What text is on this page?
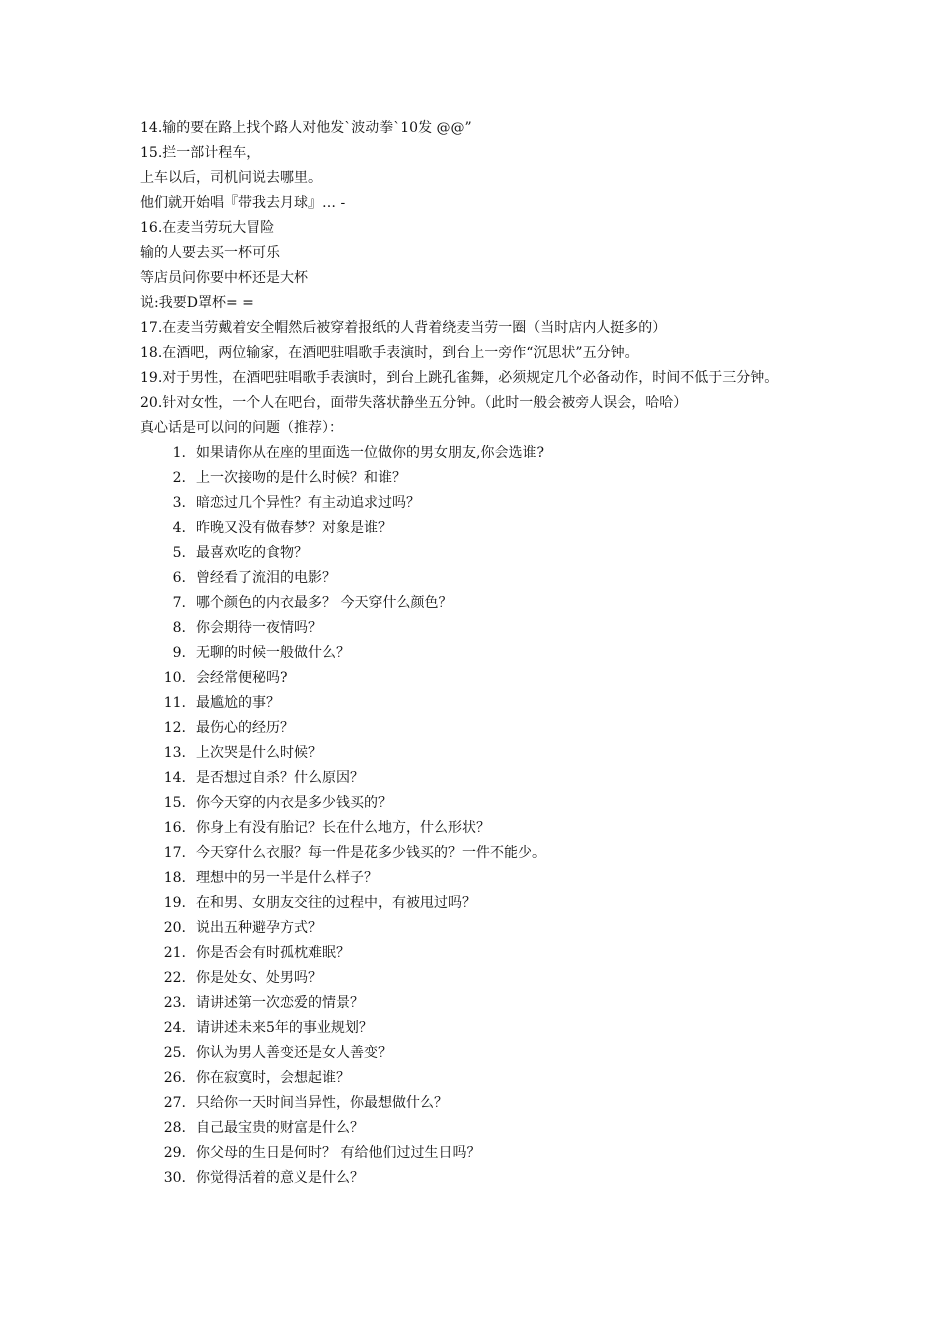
14.输的要在路上找个路人对他发`波动拳`10发 @@”
15.拦一部计程车，
上车以后，司机问说去哪里。
他们就开始唱『带我去月球』… -
16.在麦当劳玩大冒险
输的人要去买一杯可乐
等店员问你要中杯还是大杯
说:我要D罩杯= =
17.在麦当劳戴着安全帽然后被穿着报纸的人背着绕麦当劳一圈（当时店内人挺多的）
18.在酒吧，两位输家，在酒吧驻唱歌手表演时，到台上一旁作“沉思状”五分钟。
19.对于男性，在酒吧驻唱歌手表演时，到台上跳孔雀舞，必须规定几个必备动作，时间不低于三分钟。
20.针对女性，一个人在吧台，面带失落状静坐五分钟。（此时一般会被旁人误会，哈哈）
真心话是可以问的问题（推荐）：
1. 如果请你从在座的里面选一位做你的男女朋友,你会选谁?
2. 上一次接吻的是什么时候？和谁？
3. 暗恋过几个异性？有主动追求过吗？
4. 昨晚又没有做春梦？对象是谁？
5. 最喜欢吃的食物？
6. 曾经看了流泪的电影？
7. 哪个颜色的内衣最多？ 今天穿什么颜色？
8. 你会期待一夜情吗？
9. 无聊的时候一般做什么？
10. 会经常便秘吗?
11. 最尴尬的事？
12. 最伤心的经历？
13. 上次哭是什么时候？
14. 是否想过自杀？什么原因？
15. 你今天穿的内衣是多少钱买的？
16. 你身上有没有胎记？长在什么地方，什么形状？
17. 今天穿什么衣服？每一件是花多少钱买的？一件不能少。
18. 理想中的另一半是什么样子？
19. 在和男、女朋友交往的过程中，有被甩过吗？
20. 说出五种避孕方式？
21. 你是否会有时孤枕难眠？
22. 你是处女、处男吗？
23. 请讲述第一次恋爱的情景？
24. 请讲述未来5年的事业规划？
25. 你认为男人善变还是女人善变？
26. 你在寂寞时，会想起谁？
27. 只给你一天时间当异性，你最想做什么？
28. 自己最宝贵的财富是什么？
29. 你父母的生日是何时？ 有给他们过过生日吗？
30. 你觉得活着的意义是什么？
